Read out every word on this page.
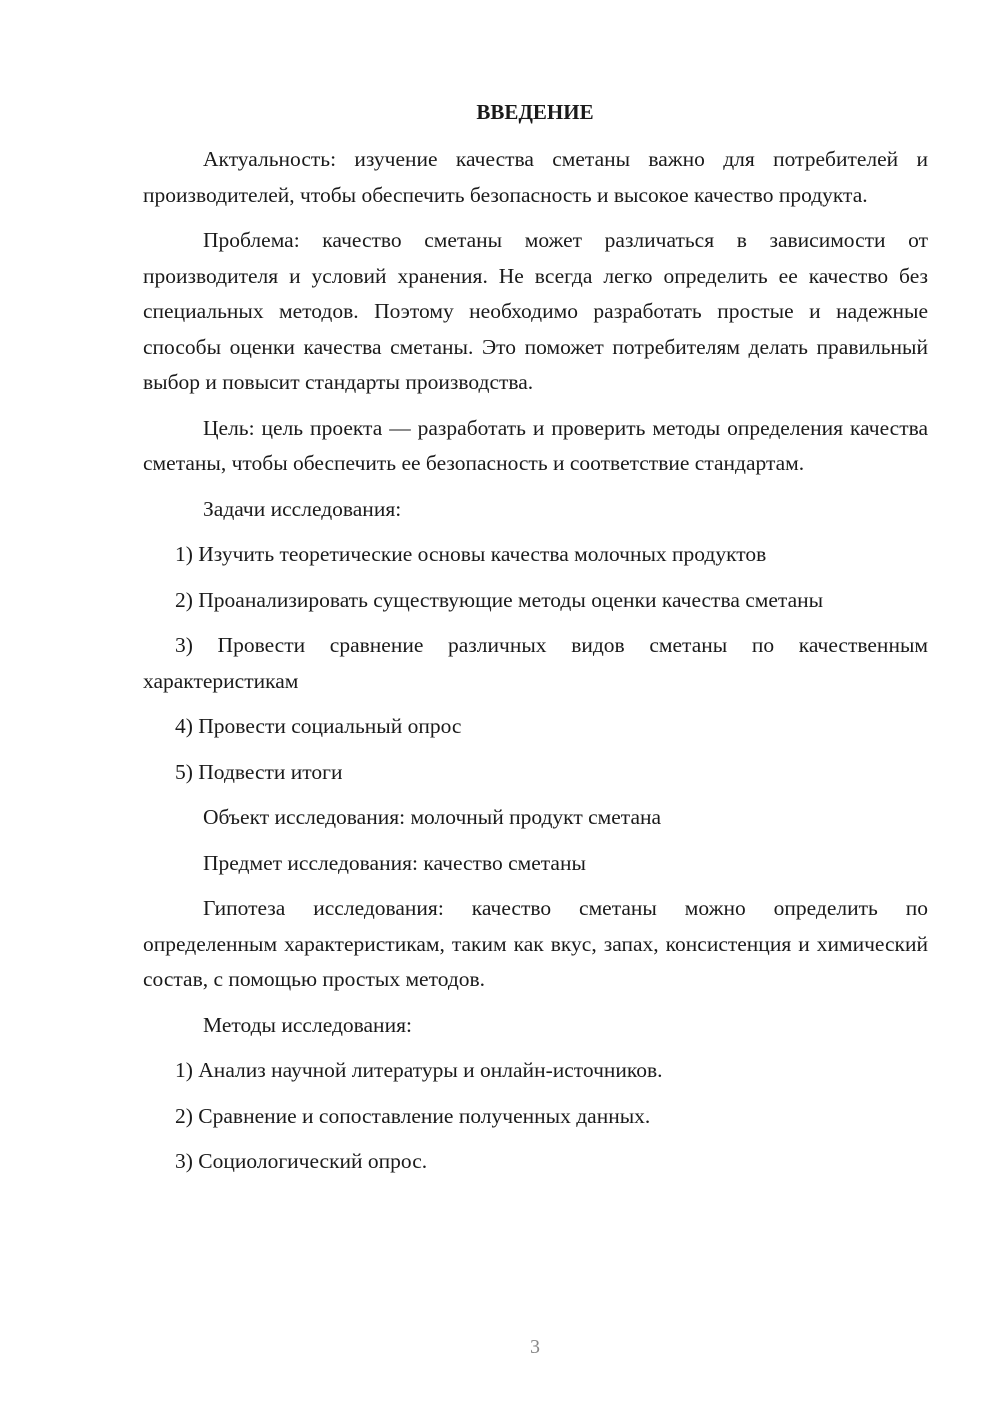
ВВЕДЕНИЕ

Актуальность: изучение качества сметаны важно для потребителей и производителей, чтобы обеспечить безопасность и высокое качество продукта.

Проблема: качество сметаны может различаться в зависимости от производителя и условий хранения. Не всегда легко определить ее качество без специальных методов. Поэтому необходимо разработать простые и надежные способы оценки качества сметаны. Это поможет потребителям делать правильный выбор и повысит стандарты производства.

Цель: цель проекта — разработать и проверить методы определения качества сметаны, чтобы обеспечить ее безопасность и соответствие стандартам.

Задачи исследования:

1) Изучить теоретические основы качества молочных продуктов

2) Проанализировать существующие методы оценки качества сметаны

3) Провести сравнение различных видов сметаны по качественным характеристикам

4) Провести социальный опрос

5) Подвести итоги

Объект исследования: молочный продукт сметана

Предмет исследования: качество сметаны

Гипотеза исследования: качество сметаны можно определить по определенным характеристикам, таким как вкус, запах, консистенция и химический состав, с помощью простых методов.

Методы исследования:

1) Анализ научной литературы и онлайн-источников.

2) Сравнение и сопоставление полученных данных.

3) Социологический опрос.

3
